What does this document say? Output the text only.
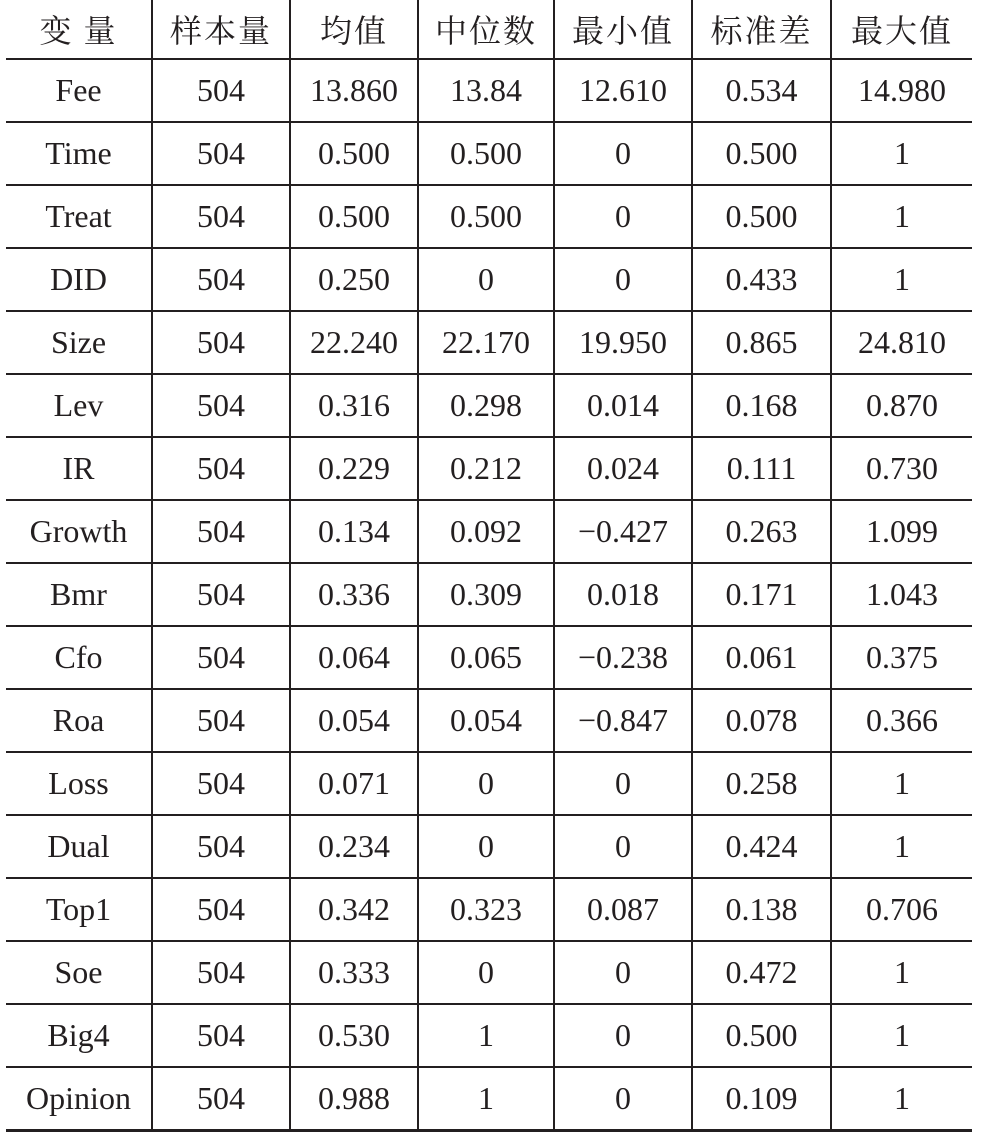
变 量	样本量	均值	中位数	最小值	标准差	最大值
Fee	504	13.860	13.84	12.610	0.534	14.980
Time	504	0.500	0.500	0	0.500	1
Treat	504	0.500	0.500	0	0.500	1
DID	504	0.250	0	0	0.433	1
Size	504	22.240	22.170	19.950	0.865	24.810
Lev	504	0.316	0.298	0.014	0.168	0.870
IR	504	0.229	0.212	0.024	0.111	0.730
Growth	504	0.134	0.092	−0.427	0.263	1.099
Bmr	504	0.336	0.309	0.018	0.171	1.043
Cfo	504	0.064	0.065	−0.238	0.061	0.375
Roa	504	0.054	0.054	−0.847	0.078	0.366
Loss	504	0.071	0	0	0.258	1
Dual	504	0.234	0	0	0.424	1
Top1	504	0.342	0.323	0.087	0.138	0.706
Soe	504	0.333	0	0	0.472	1
Big4	504	0.530	1	0	0.500	1
Opinion	504	0.988	1	0	0.109	1
